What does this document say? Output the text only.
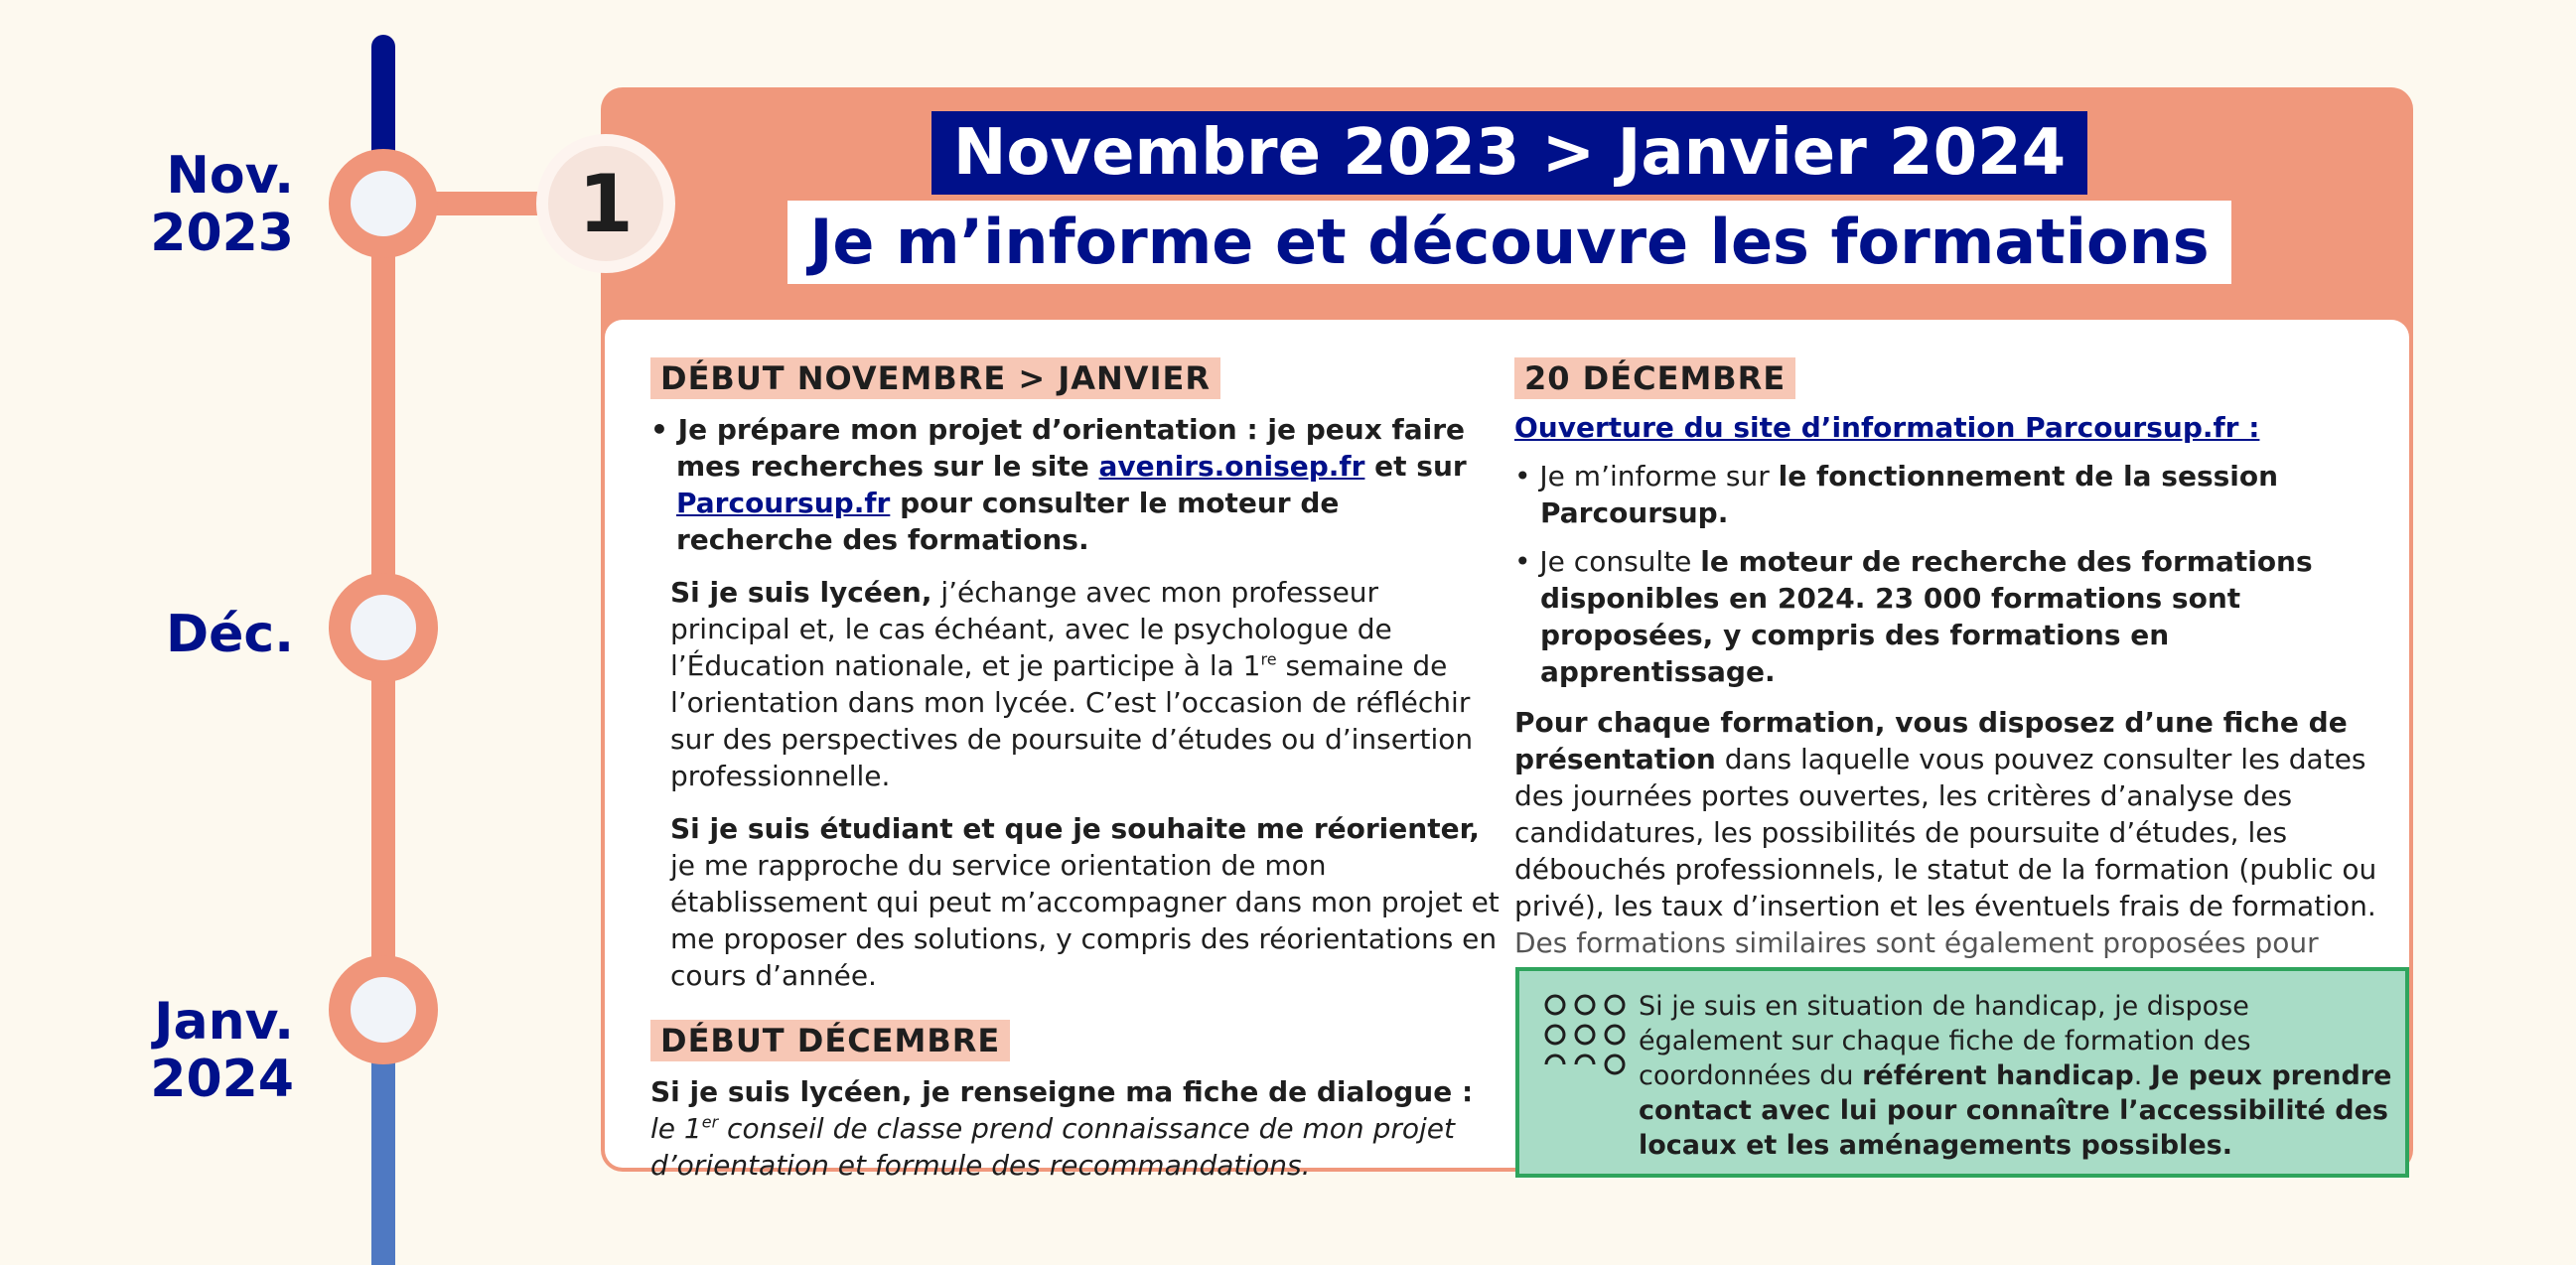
Nov.
2023
Déc.
Janv.
2024
1
Novembre 2023 > Janvier 2024
Je m’informe et découvre les formations
DÉBUT NOVEMBRE > JANVIER

• Je prépare mon projet d’orientation : je peux faire mes recherches sur le site avenirs.onisep.fr et sur Parcoursup.fr pour consulter le moteur de recherche des formations.

Si je suis lycéen, j’échange avec mon professeur principal et, le cas échéant, avec le psychologue de l’Éducation nationale, et je participe à la 1re semaine de l’orientation dans mon lycée. C’est l’occasion de réfléchir sur des perspectives de poursuite d’études ou d’insertion professionnelle.

Si je suis étudiant et que je souhaite me réorienter, je me rapproche du service orientation de mon établissement qui peut m’accompagner dans mon projet et me proposer des solutions, y compris des réorientations en cours d’année.

DÉBUT DÉCEMBRE

Si je suis lycéen, je renseigne ma fiche de dialogue :

le 1er conseil de classe prend connaissance de mon projet d’orientation et formule des recommandations.

20 DÉCEMBRE

Ouverture du site d’information Parcoursup.fr :

• Je m’informe sur le fonctionnement de la session Parcoursup.

• Je consulte le moteur de recherche des formations disponibles en 2024. 23 000 formations sont proposées, y compris des formations en apprentissage.

Pour chaque formation, vous disposez d’une fiche de présentation dans laquelle vous pouvez consulter les dates des journées portes ouvertes, les critères d’analyse des candidatures, les possibilités de poursuite d’études, les débouchés professionnels, le statut de la formation (public ou privé), les taux d’insertion et les éventuels frais de formation. Des formations similaires sont également proposées pour

Si je suis en situation de handicap, je dispose également sur chaque fiche de formation des coordonnées du référent handicap. Je peux prendre contact avec lui pour connaître l’accessibilité des locaux et les aménagements possibles.
